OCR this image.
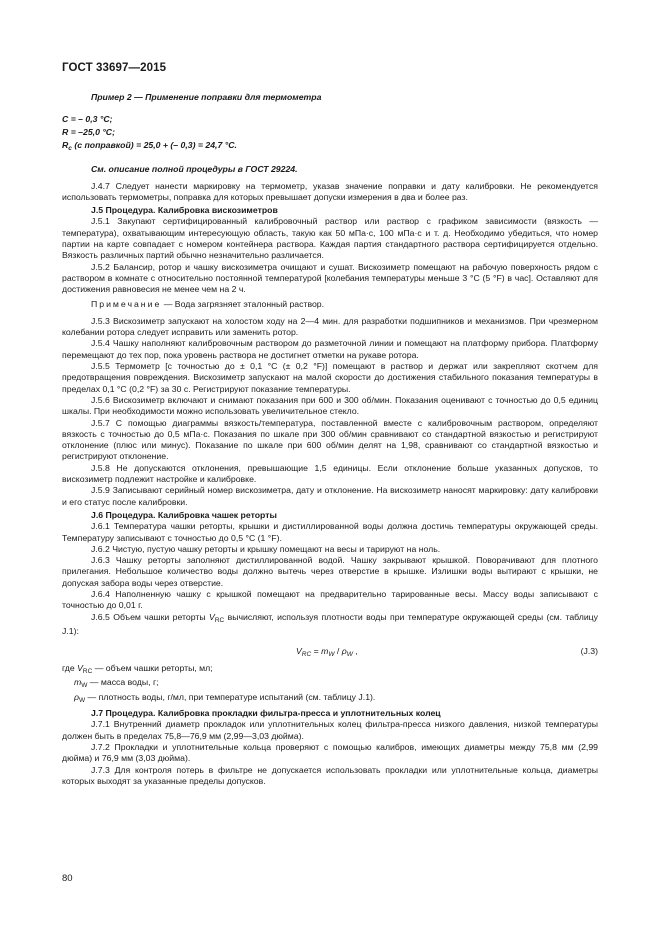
ГОСТ 33697—2015

Пример 2 — Применение поправки для термометра

С = – 0,3 °С;

R = –25,0 °С;

$R_c$ (с поправкой) = 25,0 + (– 0,3) = 24,7 °С.

См. описание полной процедуры в ГОСТ 29224.

J.4.7 Следует нанести маркировку на термометр, указав значение поправки и дату калибровки. Не рекомендуется использовать термометры, поправка для которых превышает допуски измерения в два и более раз.

J.5 Процедура. Калибровка вискозиметров

J.5.1 Закупают сертифицированный калибровочный раствор или раствор с графиком зависимости (вязкость — температура), охватывающим интересующую область, такую как 50 мПа·с, 100 мПа·с и т. д. Необходимо убедиться, что номер партии на карте совпадает с номером контейнера раствора. Каждая партия стандартного раствора сертифицируется отдельно. Вязкость различных партий обычно незначительно различается.

J.5.2 Балансир, ротор и чашку вискозиметра очищают и сушат. Вискозиметр помещают на рабочую поверхность рядом с раствором в комнате с относительно постоянной температурой [колебания температуры меньше 3 °С (5 °F) в час]. Оставляют для достижения равновесия не менее чем на 2 ч.

Примечание — Вода загрязняет эталонный раствор.

J.5.3 Вискозиметр запускают на холостом ходу на 2—4 мин. для разработки подшипников и механизмов. При чрезмерном колебании ротора следует исправить или заменить ротор.

J.5.4 Чашку наполняют калибровочным раствором до разметочной линии и помещают на платформу прибора. Платформу перемещают до тех пор, пока уровень раствора не достигнет отметки на рукаве ротора.

J.5.5 Термометр [с точностью до ± 0,1 °С (± 0,2 °F)] помещают в раствор и держат или закрепляют скотчем для предотвращения повреждения. Вискозиметр запускают на малой скорости до достижения стабильного показания температуры в пределах 0,1 °С (0,2 °F) за 30 с. Регистрируют показание температуры.

J.5.6 Вискозиметр включают и снимают показания при 600 и 300 об/мин. Показания оценивают с точностью до 0,5 единиц шкалы. При необходимости можно использовать увеличительное стекло.

J.5.7 С помощью диаграммы вязкость/температура, поставленной вместе с калибровочным раствором, определяют вязкость с точностью до 0,5 мПа·с. Показания по шкале при 300 об/мин сравнивают со стандартной вязкостью и регистрируют отклонение (плюс или минус). Показание по шкале при 600 об/мин делят на 1,98, сравнивают со стандартной вязкостью и регистрируют отклонение.

J.5.8 Не допускаются отклонения, превышающие 1,5 единицы. Если отклонение больше указанных допусков, то вискозиметр подлежит настройке и калибровке.

J.5.9 Записывают серийный номер вискозиметра, дату и отклонение. На вискозиметр наносят маркировку: дату калибровки и его статус после калибровки.

J.6 Процедура. Калибровка чашек реторты

J.6.1 Температура чашки реторты, крышки и дистиллированной воды должна достичь температуры окружающей среды. Температуру записывают с точностью до 0,5 °С (1 °F).

J.6.2 Чистую, пустую чашку реторты и крышку помещают на весы и тарируют на ноль.

J.6.3 Чашку реторты заполняют дистиллированной водой. Чашку закрывают крышкой. Поворачивают для плотного прилегания. Небольшое количество воды должно вытечь через отверстие в крышке. Излишки воды вытирают с крышки, не допуская забора воды через отверстие.

J.6.4 Наполненную чашку с крышкой помещают на предварительно тарированные весы. Массу воды записывают с точностью до 0,01 г.

J.6.5 Объем чашки реторты $V_{RC}$ вычисляют, используя плотности воды при температуре окружающей среды (см. таблицу J.1):

$V_{RC} = m_W / \rho_W$ ,	(J.3)

где $V_{RC}$ — объем чашки реторты, мл;

$m_W$ — масса воды, г;

$\rho_W$ — плотность воды, г/мл, при температуре испытаний (см. таблицу J.1).

J.7 Процедура. Калибровка прокладки фильтра-пресса и уплотнительных колец

J.7.1 Внутренний диаметр прокладок или уплотнительных колец фильтра-пресса низкого давления, низкой температуры должен быть в пределах 75,8—76,9 мм (2,99—3,03 дюйма).

J.7.2 Прокладки и уплотнительные кольца проверяют с помощью калибров, имеющих диаметры между 75,8 мм (2,99 дюйма) и 76,9 мм (3,03 дюйма).

J.7.3 Для контроля потерь в фильтре не допускается использовать прокладки или уплотнительные кольца, диаметры которых выходят за указанные пределы допусков.

80
